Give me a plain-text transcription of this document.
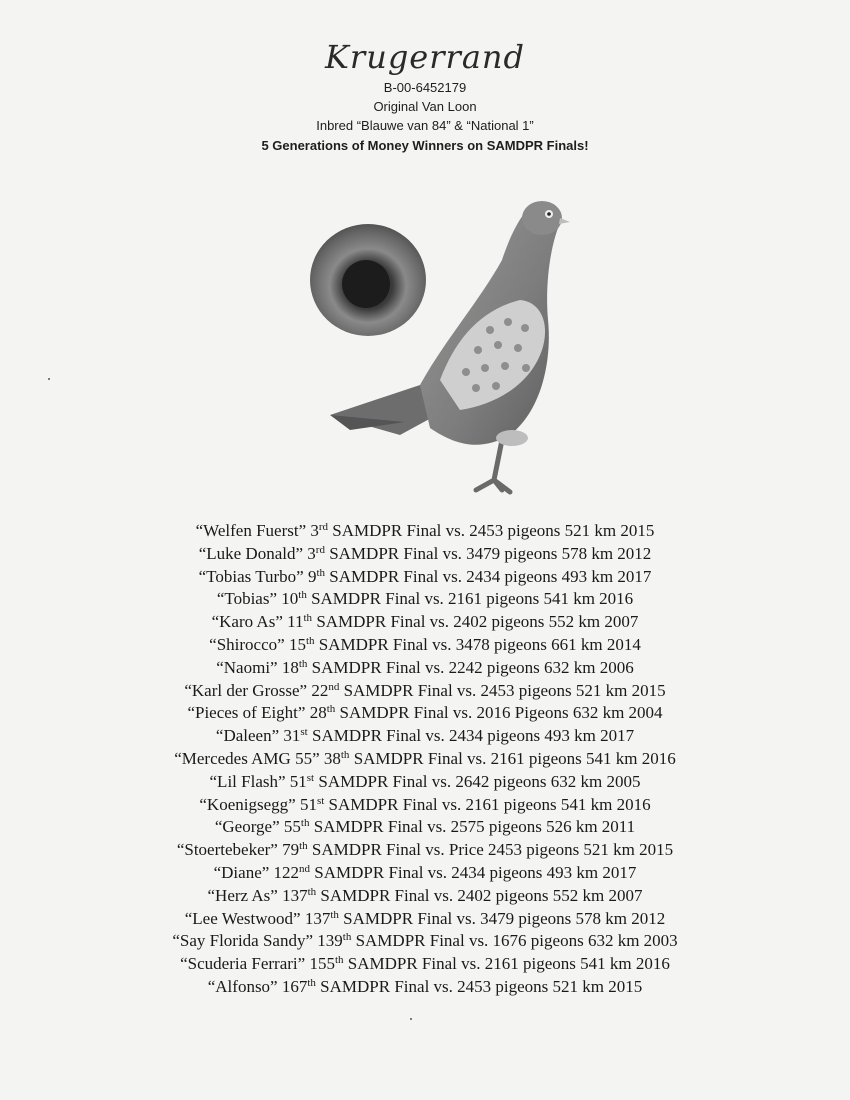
Krugerrand
B-00-6452179
Original Van Loon
Inbred “Blauwe van 84” & “National 1”
5 Generations of Money Winners on SAMDPR Finals!
“Welfen Fuerst” 3rd SAMDPR Final vs. 2453 pigeons 521 km 2015
“Luke Donald” 3rd SAMDPR Final vs. 3479 pigeons 578 km 2012
“Tobias Turbo” 9th SAMDPR Final vs. 2434 pigeons 493 km 2017
“Tobias” 10th SAMDPR Final vs. 2161 pigeons 541 km 2016
“Karo As” 11th SAMDPR Final vs. 2402 pigeons 552 km 2007
“Shirocco” 15th SAMDPR Final vs. 3478 pigeons 661 km 2014
“Naomi” 18th SAMDPR Final vs. 2242 pigeons 632 km 2006
“Karl der Grosse” 22nd SAMDPR Final vs. 2453 pigeons 521 km 2015
“Pieces of Eight” 28th SAMDPR Final vs. 2016 Pigeons 632 km 2004
“Daleen” 31st SAMDPR Final vs. 2434 pigeons 493 km 2017
“Mercedes AMG 55” 38th SAMDPR Final vs. 2161 pigeons 541 km 2016
“Lil Flash” 51st SAMDPR Final vs. 2642 pigeons 632 km 2005
“Koenigsegg” 51st SAMDPR Final vs. 2161 pigeons 541 km 2016
“George” 55th SAMDPR Final vs. 2575 pigeons 526 km 2011
“Stoertebeker” 79th SAMDPR Final vs. Price 2453 pigeons 521 km 2015
“Diane” 122nd SAMDPR Final vs. 2434 pigeons 493 km 2017
“Herz As” 137th SAMDPR Final vs. 2402 pigeons 552 km 2007
“Lee Westwood” 137th SAMDPR Final vs. 3479 pigeons 578 km 2012
“Say Florida Sandy” 139th SAMDPR Final vs. 1676 pigeons 632 km 2003
“Scuderia Ferrari” 155th SAMDPR Final vs. 2161 pigeons 541 km 2016
“Alfonso” 167th SAMDPR Final vs. 2453 pigeons 521 km 2015
